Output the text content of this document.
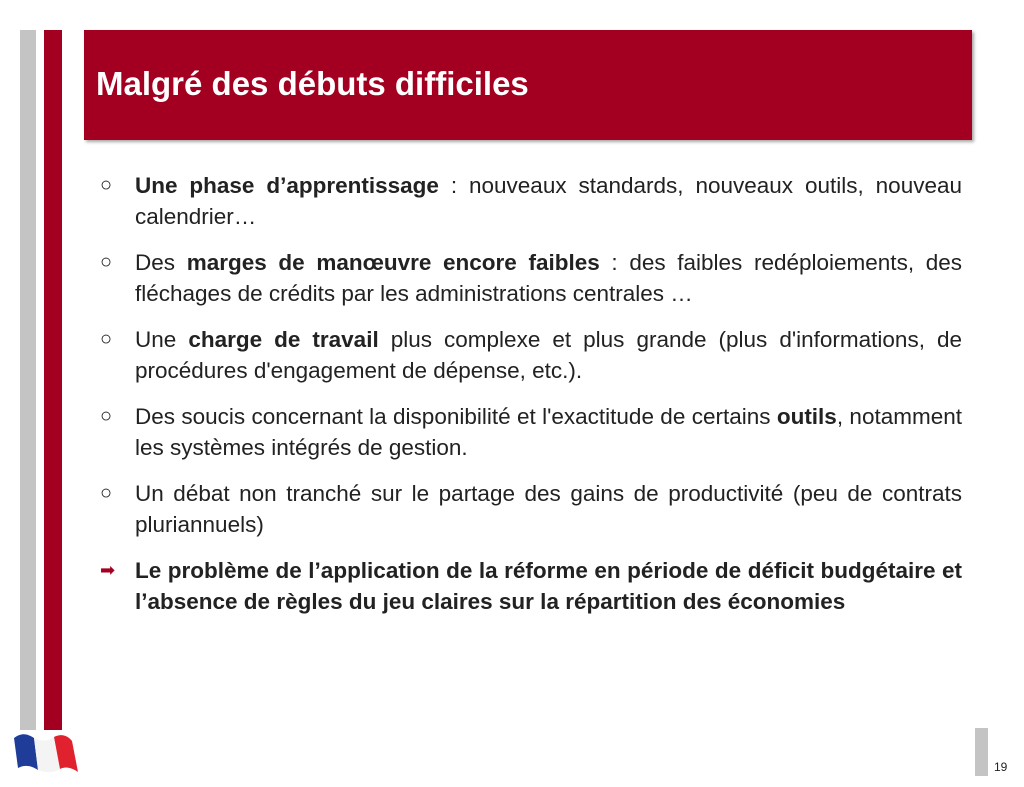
Malgré des débuts difficiles
○ Une phase d’apprentissage : nouveaux standards, nouveaux outils, nouveau calendrier…
○ Des marges de manœuvre encore faibles : des faibles redéploiements, des fléchages de crédits par les administrations centrales …
○ Une charge de travail plus complexe et plus grande (plus d'informations, de procédures d'engagement de dépense, etc.).
○ Des soucis concernant la disponibilité et l'exactitude de certains outils, notamment les systèmes intégrés de gestion.
○ Un débat non tranché sur le partage des gains de productivité (peu de contrats pluriannuels)
➡ Le problème de l’application de la réforme en période de déficit budgétaire et l’absence de règles du jeu claires sur la répartition des économies
19
